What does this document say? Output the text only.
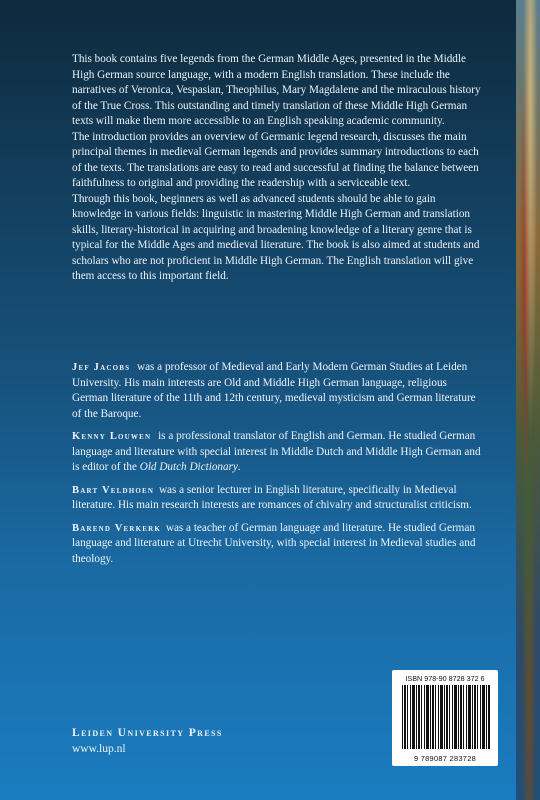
This book contains five legends from the German Middle Ages, presented in the Middle High German source language, with a modern English translation. These include the narratives of Veronica, Vespasian, Theophilus, Mary Magdalene and the miraculous history of the True Cross. This outstanding and timely translation of these Middle High German texts will make them more accessible to an English speaking academic community.

The introduction provides an overview of Germanic legend research, discusses the main principal themes in medieval German legends and provides summary introductions to each of the texts. The translations are easy to read and successful at finding the balance between faithfulness to original and providing the readership with a serviceable text.

Through this book, beginners as well as advanced students should be able to gain knowledge in various fields: linguistic in mastering Middle High German and translation skills, literary-historical in acquiring and broadening knowledge of a literary genre that is typical for the Middle Ages and medieval literature. The book is also aimed at students and scholars who are not proficient in Middle High German. The English translation will give them access to this important field.

Jef Jacobs was a professor of Medieval and Early Modern German Studies at Leiden University. His main interests are Old and Middle High German language, religious German literature of the 11th and 12th century, medieval mysticism and German literature of the Baroque.

Kenny Louwen is a professional translator of English and German. He studied German language and literature with special interest in Middle Dutch and Middle High German and is editor of the Old Dutch Dictionary.

Bart Veldhoen was a senior lecturer in English literature, specifically in Medieval literature. His main research interests are romances of chivalry and structuralist criticism.

Barend Verkerk was a teacher of German language and literature. He studied German language and literature at Utrecht University, with special interest in Medieval studies and theology.

Leiden University Press
www.lup.nl
ISBN 978-90 8728 372 6
9 789087 283728
